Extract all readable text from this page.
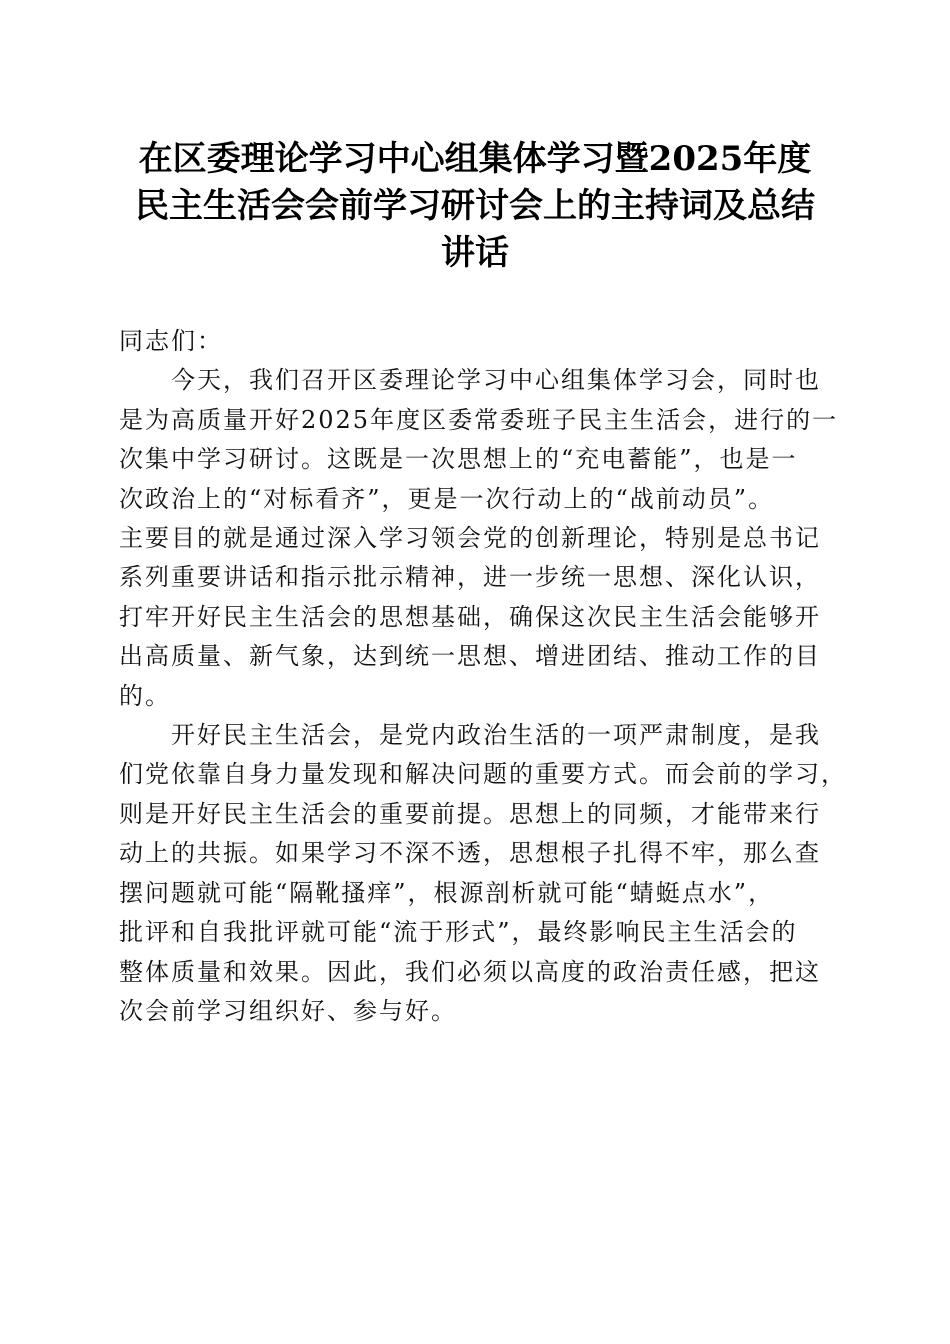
在区委理论学习中心组集体学习暨2025年度
民主生活会会前学习研讨会上的主持词及总结
讲话
同志们：
今天，我们召开区委理论学习中心组集体学习会，同时也
是为高质量开好2025年度区委常委班子民主生活会，进行的一
次集中学习研讨。这既是一次思想上的“充电蓄能”，也是一
次政治上的“对标看齐”，更是一次行动上的“战前动员”。
主要目的就是通过深入学习领会党的创新理论，特别是总书记
系列重要讲话和指示批示精神，进一步统一思想、深化认识，
打牢开好民主生活会的思想基础，确保这次民主生活会能够开
出高质量、新气象，达到统一思想、增进团结、推动工作的目
的。
开好民主生活会，是党内政治生活的一项严肃制度，是我
们党依靠自身力量发现和解决问题的重要方式。而会前的学习，
则是开好民主生活会的重要前提。思想上的同频，才能带来行
动上的共振。如果学习不深不透，思想根子扎得不牢，那么查
摆问题就可能“隔靴搔痒”，根源剖析就可能“蜻蜓点水”，
批评和自我批评就可能“流于形式”，最终影响民主生活会的
整体质量和效果。因此，我们必须以高度的政治责任感，把这
次会前学习组织好、参与好。
